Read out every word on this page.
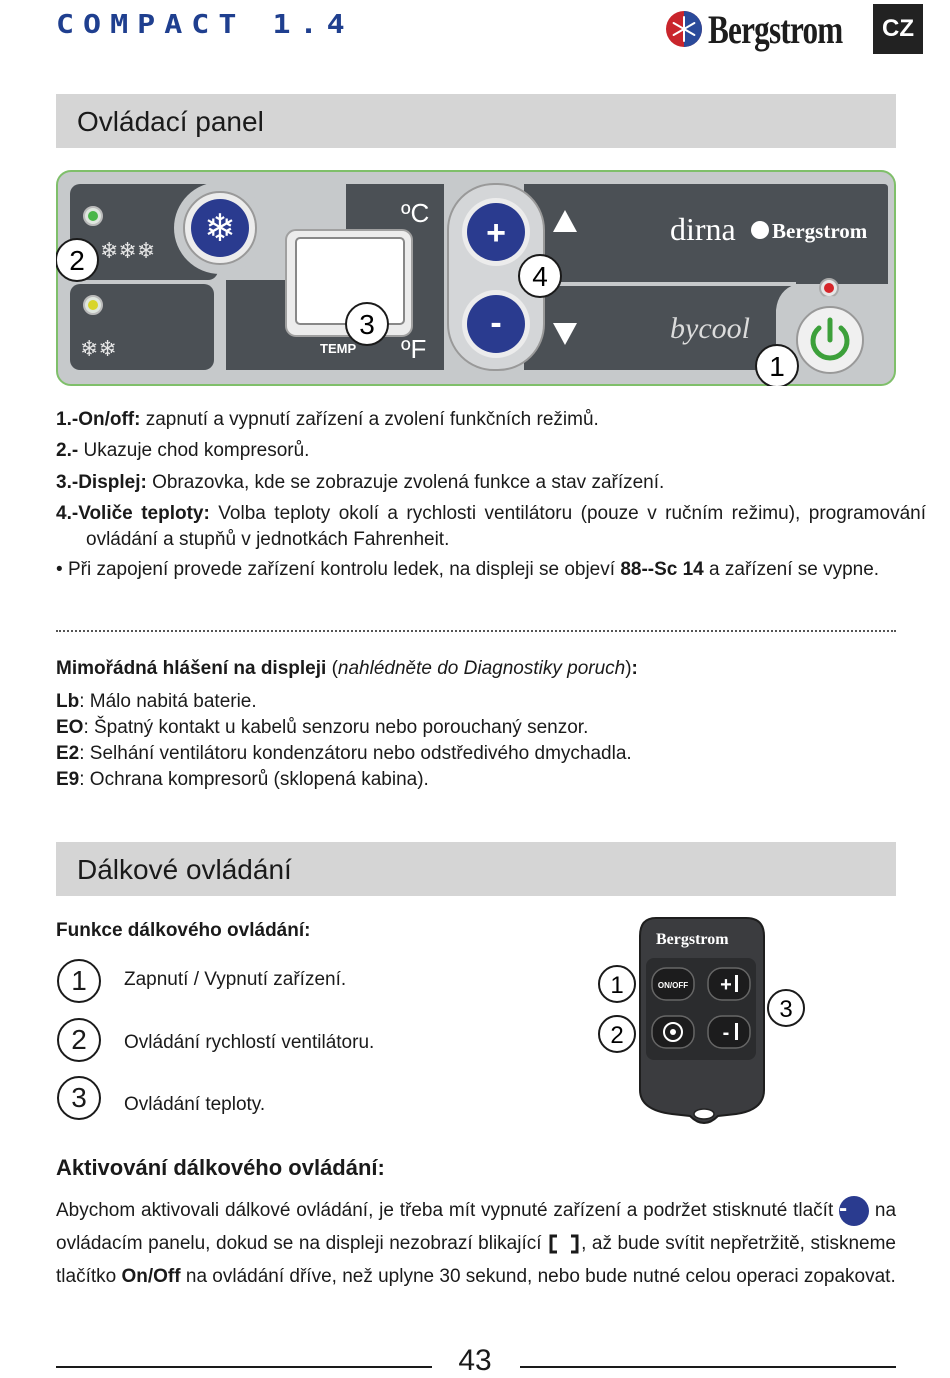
COMPACT 1.4	Bergstrom	CZ
Ovládací panel
❄❄❄
❄❄
❄
TEMP
ºC
ºF
+
-
dirna Bergstrom
bycool
2
3
4
1
1.-On/off: zapnutí a vypnutí zařízení a zvolení funkčních režimů.
2.- Ukazuje chod kompresorů.
3.-Displej: Obrazovka, kde se zobrazuje zvolená funkce a stav zařízení.
4.-Voliče teploty: Volba teploty okolí a rychlosti ventilátoru (pouze v ručním režimu), programování ovládání a stupňů v jednotkách Fahrenheit.
• Při zapojení provede zařízení kontrolu ledek, na displeji se objeví 88--Sc 14 a zařízení se vypne.
Mimořádná hlášení na displeji (nahlédněte do Diagnostiky poruch):
Lb: Málo nabitá baterie.
EO: Špatný kontakt u kabelů senzoru nebo porouchaný senzor.
E2: Selhání ventilátoru kondenzátoru nebo odstředivého dmychadla.
E9: Ochrana kompresorů (sklopená kabina).
Dálkové ovládání
Funkce dálkového ovládání:
1	Zapnutí / Vypnutí zařízení.
2	Ovládání rychlostí ventilátoru.
3	Ovládání teploty.
Bergstrom
ON/OFF +
-
1
2
3
Aktivování dálkového ovládání:
Abychom aktivovali dálkové ovládání, je třeba mít vypnuté zařízení a podržet stisknuté tlačít - na ovládacím panelu, dokud se na displeji nezobrazí blikající , až bude svítit nepřetržitě, stiskneme tlačítko On/Off na ovládání dříve, než uplyne 30 sekund, nebo bude nutné celou operaci zopakovat.
43
